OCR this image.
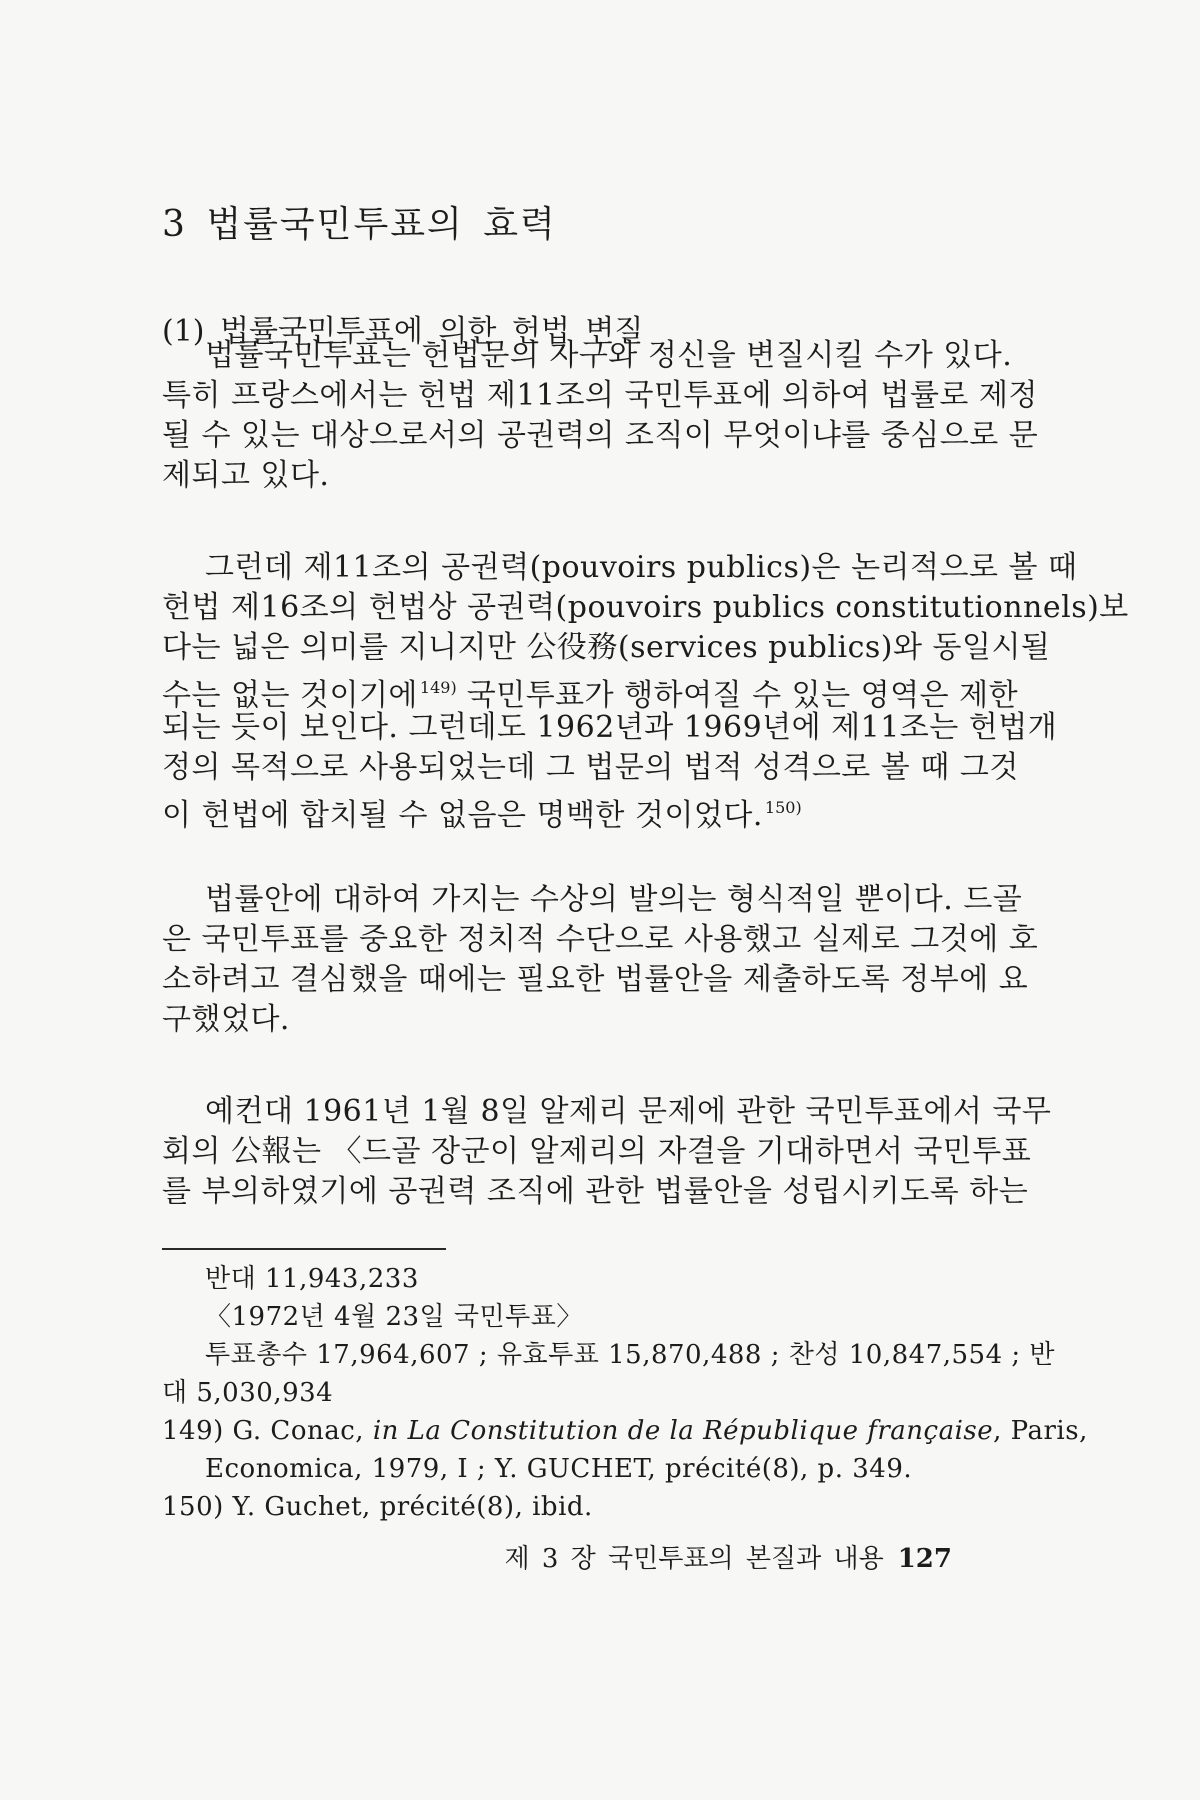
3 법률국민투표의 효력
(1) 법률국민투표에 의한 헌법 변질
법률국민투표는 헌법문의 자구와 정신을 변질시킬 수가 있다.
특히 프랑스에서는 헌법 제11조의 국민투표에 의하여 법률로 제정
될 수 있는 대상으로서의 공권력의 조직이 무엇이냐를 중심으로 문
제되고 있다.
그런데 제11조의 공권력(pouvoirs publics)은 논리적으로 볼 때
헌법 제16조의 헌법상 공권력(pouvoirs publics constitutionnels)보
다는 넓은 의미를 지니지만 公役務(services publics)와 동일시될
수는 없는 것이기에 $^{149)}$ 국민투표가 행하여질 수 있는 영역은 제한
되는 듯이 보인다. 그런데도 1962년과 1969년에 제11조는 헌법개
정의 목적으로 사용되었는데 그 법문의 법적 성격으로 볼 때 그것
이 헌법에 합치될 수 없음은 명백한 것이었다. $^{150)}$
법률안에 대하여 가지는 수상의 발의는 형식적일 뿐이다. 드골
은 국민투표를 중요한 정치적 수단으로 사용했고 실제로 그것에 호
소하려고 결심했을 때에는 필요한 법률안을 제출하도록 정부에 요
구했었다.
예컨대 1961년 1월 8일 알제리 문제에 관한 국민투표에서 국무
회의 公報는 〈드골 장군이 알제리의 자결을 기대하면서 국민투표
를 부의하였기에 공권력 조직에 관한 법률안을 성립시키도록 하는
반대 11,943,233
〈1972년 4월 23일 국민투표〉
투표총수 17,964,607 ; 유효투표 15,870,488 ; 찬성 10,847,554 ; 반
대 5,030,934
149) G. Conac, in La Constitution de la République française, Paris,
Economica, 1979, I ; Y. GUCHET, précité(8), p. 349.
150) Y. Guchet, précité(8), ibid.
제 3 장 국민투표의 본질과 내용 127
